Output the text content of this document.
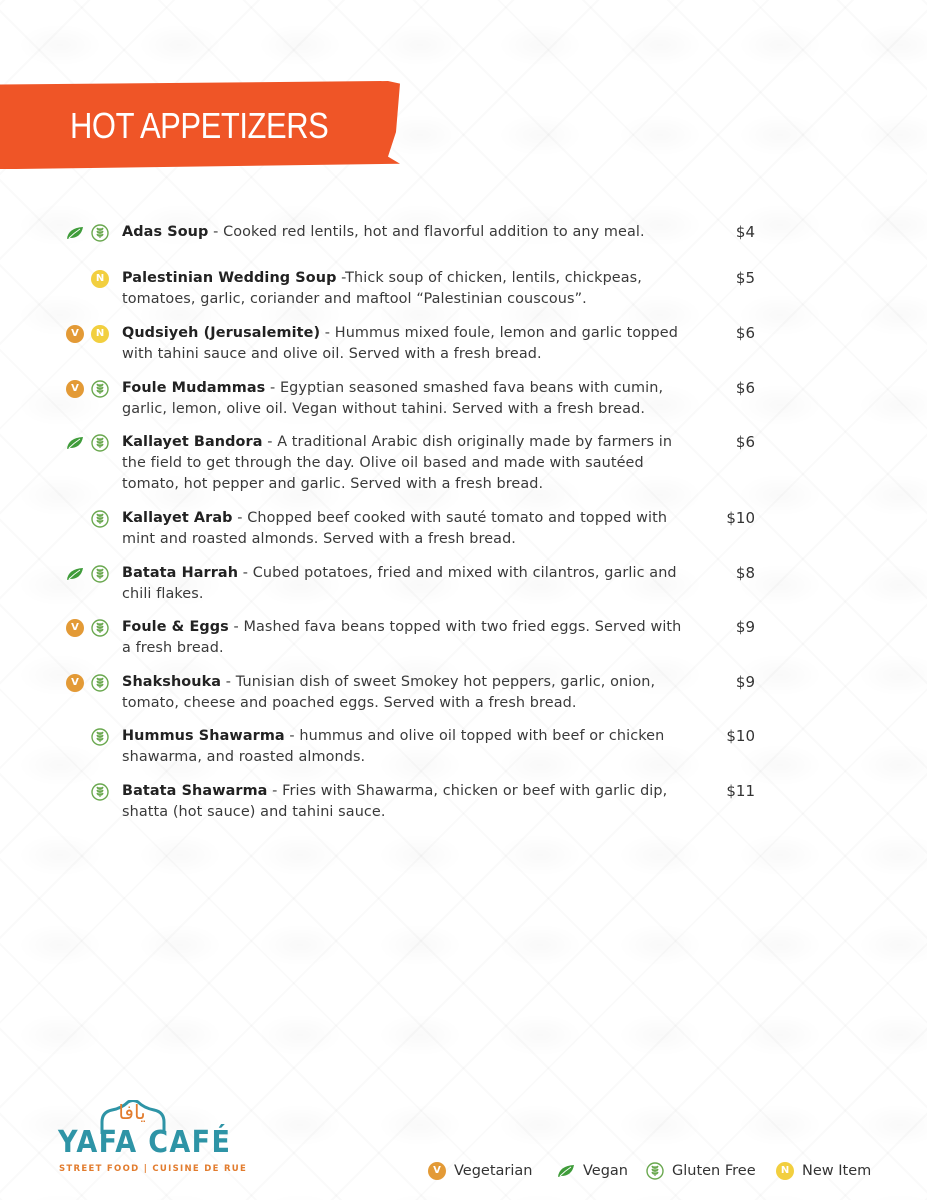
HOT APPETIZERS
Adas Soup - Cooked red lentils, hot and flavorful addition to any meal.	$4
N	Palestinian Wedding Soup -Thick soup of chicken, lentils, chickpeas, tomatoes, garlic, coriander and maftool “Palestinian couscous”.
$5
V	N	Qudsiyeh (Jerusalemite) - Hummus mixed foule, lemon and garlic topped with tahini sauce and olive oil. Served with a fresh bread.
$6
V	Foule Mudammas - Egyptian seasoned smashed fava beans with cumin, garlic, lemon, olive oil. Vegan without tahini. Served with a fresh bread.
$6
Kallayet Bandora - A traditional Arabic dish originally made by farmers in the field to get through the day. Olive oil based and made with sautéed tomato, hot pepper and garlic. Served with a fresh bread.
$6
Kallayet Arab - Chopped beef cooked with sauté tomato and topped with mint and roasted almonds. Served with a fresh bread.
$10
Batata Harrah - Cubed potatoes, fried and mixed with cilantros, garlic and chili flakes.
$8
V	Foule & Eggs - Mashed fava beans topped with two fried eggs. Served with a fresh bread.
$9
V	Shakshouka - Tunisian dish of sweet Smokey hot peppers, garlic, onion, tomato, cheese and poached eggs. Served with a fresh bread.
$9
Hummus Shawarma - hummus and olive oil topped with beef or chicken shawarma, and roasted almonds.
$10
Batata Shawarma - Fries with Shawarma, chicken or beef with garlic dip, shatta (hot sauce) and tahini sauce.
$11
يافا
YAFA CAFÉ
STREET FOOD | CUISINE DE RUE	V Vegetarian	Vegan	Gluten Free	N New Item
